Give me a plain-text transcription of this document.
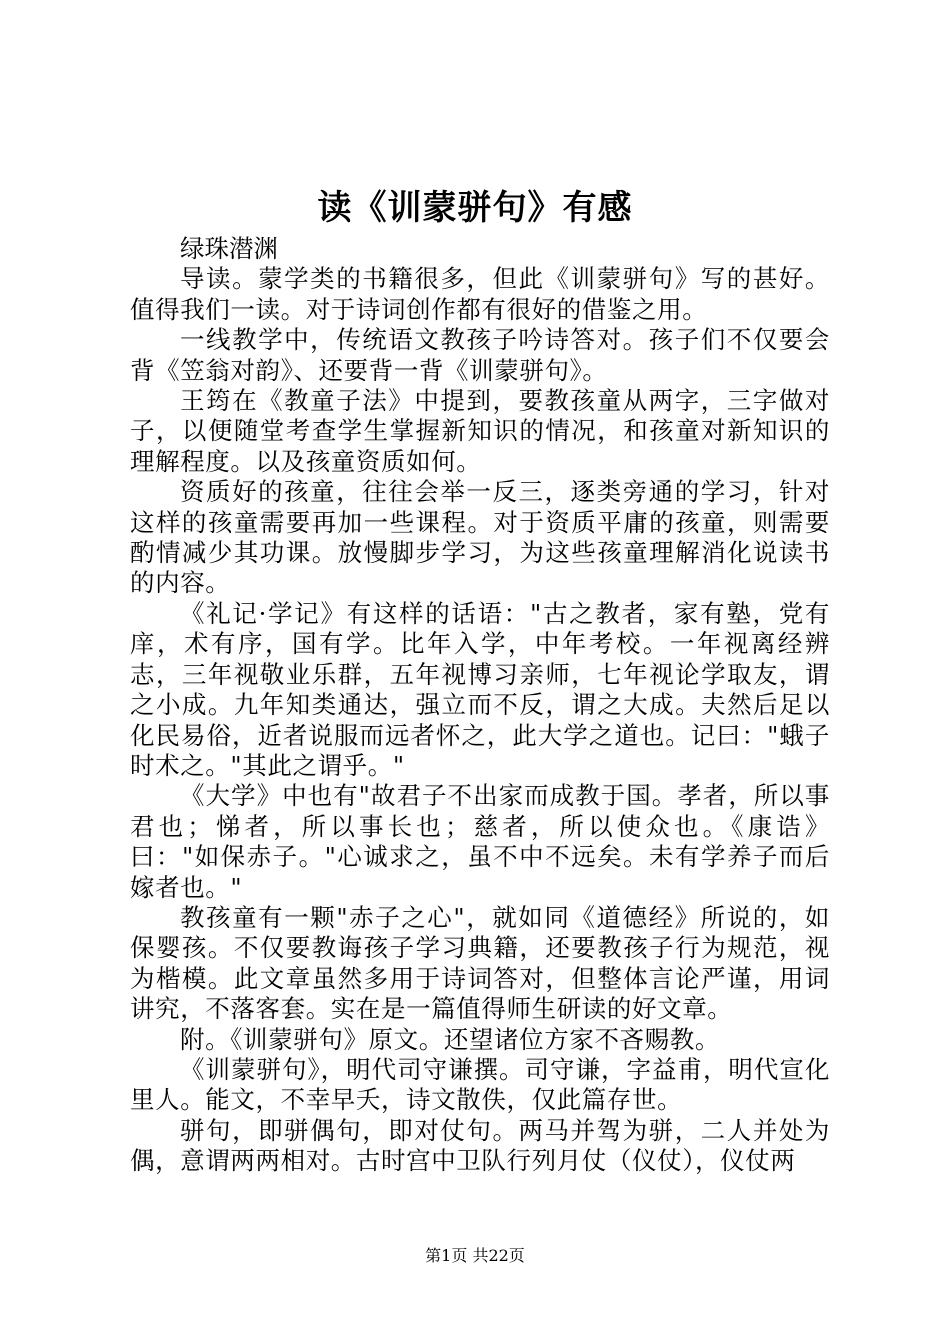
读《训蒙骈句》有感

绿珠潜渊

导读。蒙学类的书籍很多，但此《训蒙骈句》写的甚好。值得我们一读。对于诗词创作都有很好的借鉴之用。

一线教学中，传统语文教孩子吟诗答对。孩子们不仅要会背《笠翁对韵》、还要背一背《训蒙骈句》。

王筠在《教童子法》中提到，要教孩童从两字，三字做对子，以便随堂考查学生掌握新知识的情况，和孩童对新知识的理解程度。以及孩童资质如何。

资质好的孩童，往往会举一反三，逐类旁通的学习，针对这样的孩童需要再加一些课程。对于资质平庸的孩童，则需要酌情减少其功课。放慢脚步学习，为这些孩童理解消化说读书的内容。

《礼记·学记》有这样的话语："古之教者，家有塾，党有庠，术有序，国有学。比年入学，中年考校。一年视离经辨志，三年视敬业乐群，五年视博习亲师，七年视论学取友，谓之小成。九年知类通达，强立而不反，谓之大成。夫然后足以化民易俗，近者说服而远者怀之，此大学之道也。记曰："蛾子时术之。"其此之谓乎。"

《大学》中也有"故君子不出家而成教于国。孝者，所以事君也；悌者，所以事长也；慈者，所以使众也。《康诰》曰："如保赤子。"心诚求之，虽不中不远矣。未有学养子而后嫁者也。"

教孩童有一颗"赤子之心"，就如同《道德经》所说的，如保婴孩。不仅要教诲孩子学习典籍，还要教孩子行为规范，视为楷模。此文章虽然多用于诗词答对，但整体言论严谨，用词讲究，不落客套。实在是一篇值得师生研读的好文章。

附。《训蒙骈句》原文。还望诸位方家不吝赐教。

《训蒙骈句》，明代司守谦撰。司守谦，字益甫，明代宣化里人。能文，不幸早夭，诗文散佚，仅此篇存世。

骈句，即骈偶句，即对仗句。两马并驾为骈，二人并处为偶，意谓两两相对。古时宫中卫队行列月仗（仪仗），仪仗两

第1页 共22页
